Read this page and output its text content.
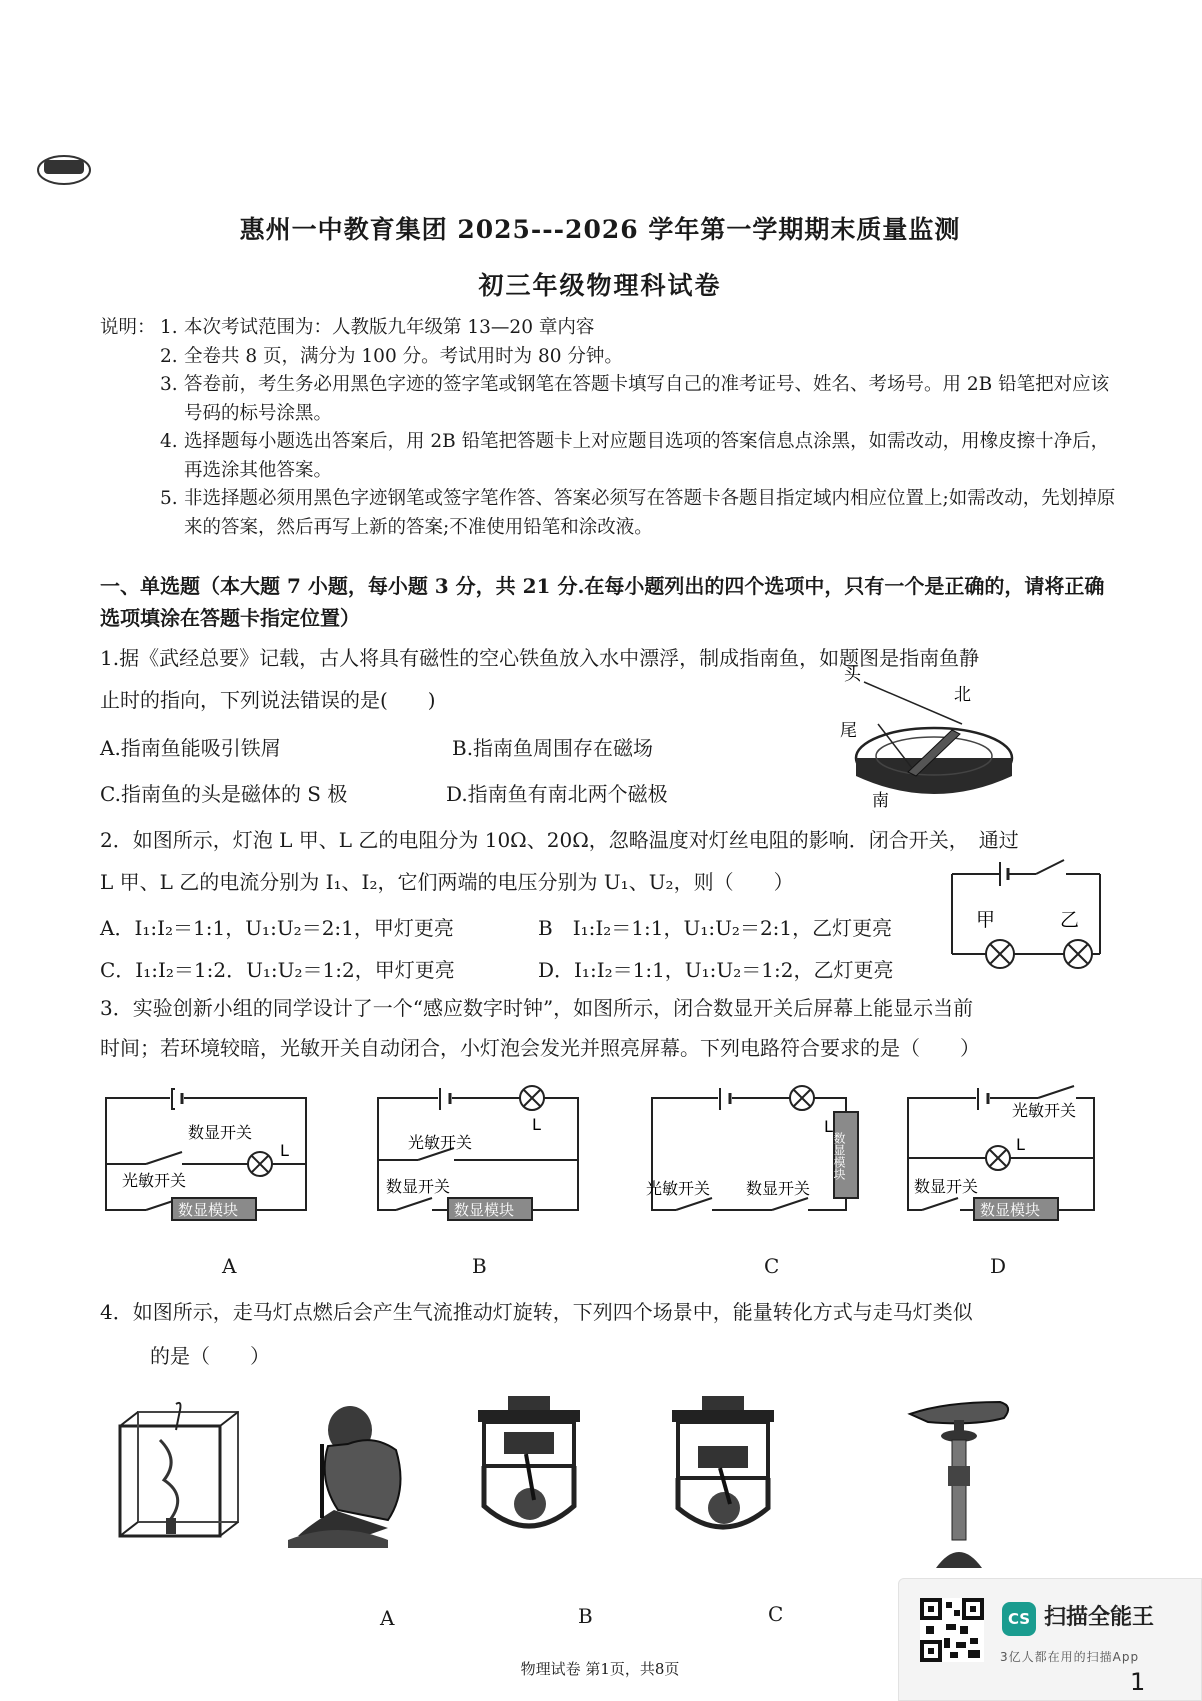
惠州一中教育集团 2025---2026 学年第一学期期末质量监测
初三年级物理科试卷
说明： 1. 本次考试范围为：人教版九年级第 13—20 章内容
2. 全卷共 8 页，满分为 100 分。考试用时为 80 分钟。
3. 答卷前，考生务必用黑色字迹的签字笔或钢笔在答题卡填写自己的准考证号、姓名、考场号。用 2B 铅笔把对应该号码的标号涂黑。
4. 选择题每小题选出答案后，用 2B 铅笔把答题卡上对应题目选项的答案信息点涂黑，如需改动，用橡皮擦十净后，再选涂其他答案。
5. 非选择题必须用黑色字迹钢笔或签字笔作答、答案必须写在答题卡各题目指定域内相应位置上;如需改动，先划掉原来的答案，然后再写上新的答案;不准使用铅笔和涂改液。
一、单选题（本大题 7 小题，每小题 3 分，共 21 分.在每小题列出的四个选项中，只有一个是正确的，请将正确选项填涂在答题卡指定位置）
1.据《武经总要》记载，古人将具有磁性的空心铁鱼放入水中漂浮，制成指南鱼，如题图是指南鱼静
止时的指向，下列说法错误的是(　　)
A.指南鱼能吸引铁屑	B.指南鱼周围存在磁场
C.指南鱼的头是磁体的 S 极	D.指南鱼有南北两个磁极
头
北
尾
南
2．如图所示，灯泡 L 甲、L 乙的电阻分为 10Ω、20Ω，忽略温度对灯丝电阻的影响．闭合开关，　通过
L 甲、L 乙的电流分别为 I₁、I₂，它们两端的电压分别为 U₁、U₂，则（　　）
A．I₁:I₂＝1:1，U₁:U₂＝2:1，甲灯更亮	B　I₁:I₂＝1:1，U₁:U₂＝2:1，乙灯更亮
C．I₁:I₂＝1:2．U₁:U₂＝1:2，甲灯更亮	D．I₁:I₂＝1:1，U₁:U₂＝1:2，乙灯更亮
甲	乙
3．实验创新小组的同学设计了一个“感应数字时钟”，如图所示，闭合数显开关后屏幕上能显示当前
时间；若环境较暗，光敏开关自动闭合，小灯泡会发光并照亮屏幕。下列电路符合要求的是（　　）
数显开关
光敏开关
数显模块
L
A
光敏开关
数显开关
数显模块
L
B
光敏开关 数显开关
L
数显模块
C
光敏开关
数显开关
数显模块
L
D
4．如图所示，走马灯点燃后会产生气流推动灯旋转，下列四个场景中，能量转化方式与走马灯类似
的是（　　）
A	B	C
物理试卷 第1页，共8页
CS 扫描全能王
3亿人都在用的扫描App
1
